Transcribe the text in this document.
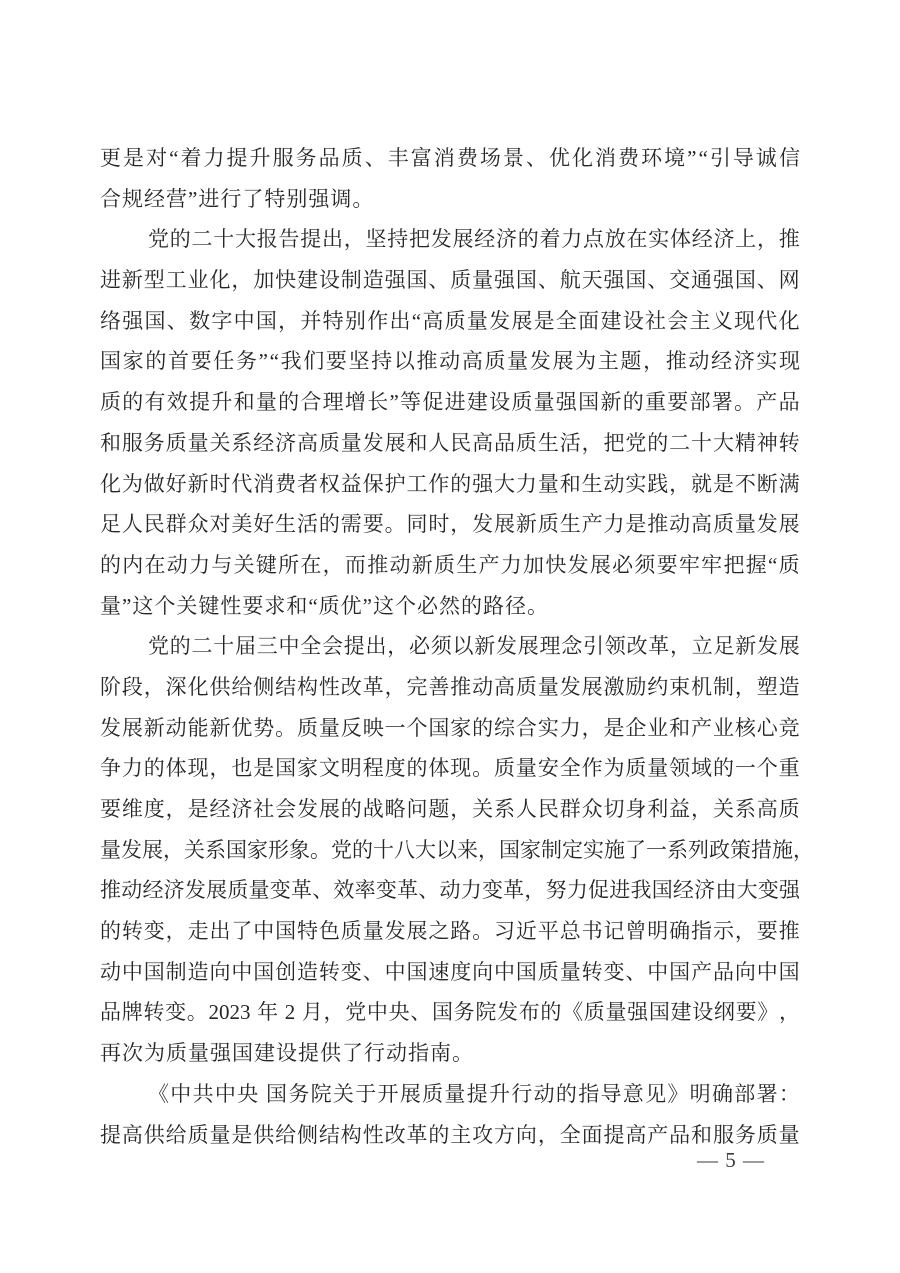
更 是 对 “ 着 力 提 升 服 务 品 质 、 丰 富 消 费 场 景 、 优 化 消 费 环 境 ” “ 引 导 诚 信
合 规 经 营 ” 进 行 了 特 别 强 调 。
党 的 二 十 大 报 告 提 出 ， 坚 持 把 发 展 经 济 的 着 力 点 放 在 实 体 经 济 上 ， 推
进 新 型 工 业 化 ， 加 快 建 设 制 造 强 国 、 质 量 强 国 、 航 天 强 国 、 交 通 强 国 、 网
络 强 国 、 数 字 中 国 ， 并 特 别 作 出 “ 高 质 量 发 展 是 全 面 建 设 社 会 主 义 现 代 化
国 家 的 首 要 任 务 ” “ 我 们 要 坚 持 以 推 动 高 质 量 发 展 为 主 题 ， 推 动 经 济 实 现
质 的 有 效 提 升 和 量 的 合 理 增 长 ” 等 促 进 建 设 质 量 强 国 新 的 重 要 部 署 。 产 品
和 服 务 质 量 关 系 经 济 高 质 量 发 展 和 人 民 高 品 质 生 活 ， 把 党 的 二 十 大 精 神 转
化 为 做 好 新 时 代 消 费 者 权 益 保 护 工 作 的 强 大 力 量 和 生 动 实 践 ， 就 是 不 断 满
足 人 民 群 众 对 美 好 生 活 的 需 要 。 同 时 ， 发 展 新 质 生 产 力 是 推 动 高 质 量 发 展
的 内 在 动 力 与 关 键 所 在 ， 而 推 动 新 质 生 产 力 加 快 发 展 必 须 要 牢 牢 把 握 “ 质
量 ” 这 个 关 键 性 要 求 和 “ 质 优 ” 这 个 必 然 的 路 径 。
党 的 二 十 届 三 中 全 会 提 出 ， 必 须 以 新 发 展 理 念 引 领 改 革 ， 立 足 新 发 展
阶 段 ， 深 化 供 给 侧 结 构 性 改 革 ， 完 善 推 动 高 质 量 发 展 激 励 约 束 机 制 ， 塑 造
发 展 新 动 能 新 优 势 。 质 量 反 映 一 个 国 家 的 综 合 实 力 ， 是 企 业 和 产 业 核 心 竞
争 力 的 体 现 ， 也 是 国 家 文 明 程 度 的 体 现 。 质 量 安 全 作 为 质 量 领 域 的 一 个 重
要 维 度 ， 是 经 济 社 会 发 展 的 战 略 问 题 ， 关 系 人 民 群 众 切 身 利 益 ， 关 系 高 质
量 发 展 ， 关 系 国 家 形 象 。 党 的 十 八 大 以 来 ， 国 家 制 定 实 施 了 一 系 列 政 策 措 施 ，
推 动 经 济 发 展 质 量 变 革 、 效 率 变 革 、 动 力 变 革 ， 努 力 促 进 我 国 经 济 由 大 变 强
的 转 变 ， 走 出 了 中 国 特 色 质 量 发 展 之 路 。 习 近 平 总 书 记 曾 明 确 指 示 ， 要 推
动 中 国 制 造 向 中 国 创 造 转 变 、 中 国 速 度 向 中 国 质 量 转 变 、 中 国 产 品 向 中 国
品 牌 转 变 。 2023
年
2
月 ， 党 中 央 、 国 务 院 发 布 的 《 质 量 强 国 建 设 纲 要 》 ，
再 次 为 质 量 强 国 建 设 提 供 了 行 动 指 南 。
《 中 共 中 央
国 务 院 关 于 开 展 质 量 提 升 行 动 的 指 导 意 见 》 明 确 部 署 ：
提 高 供 给 质 量 是 供 给 侧 结 构 性 改 革 的 主 攻 方 向 ， 全 面 提 高 产 品 和 服 务 质 量
— 5 —
